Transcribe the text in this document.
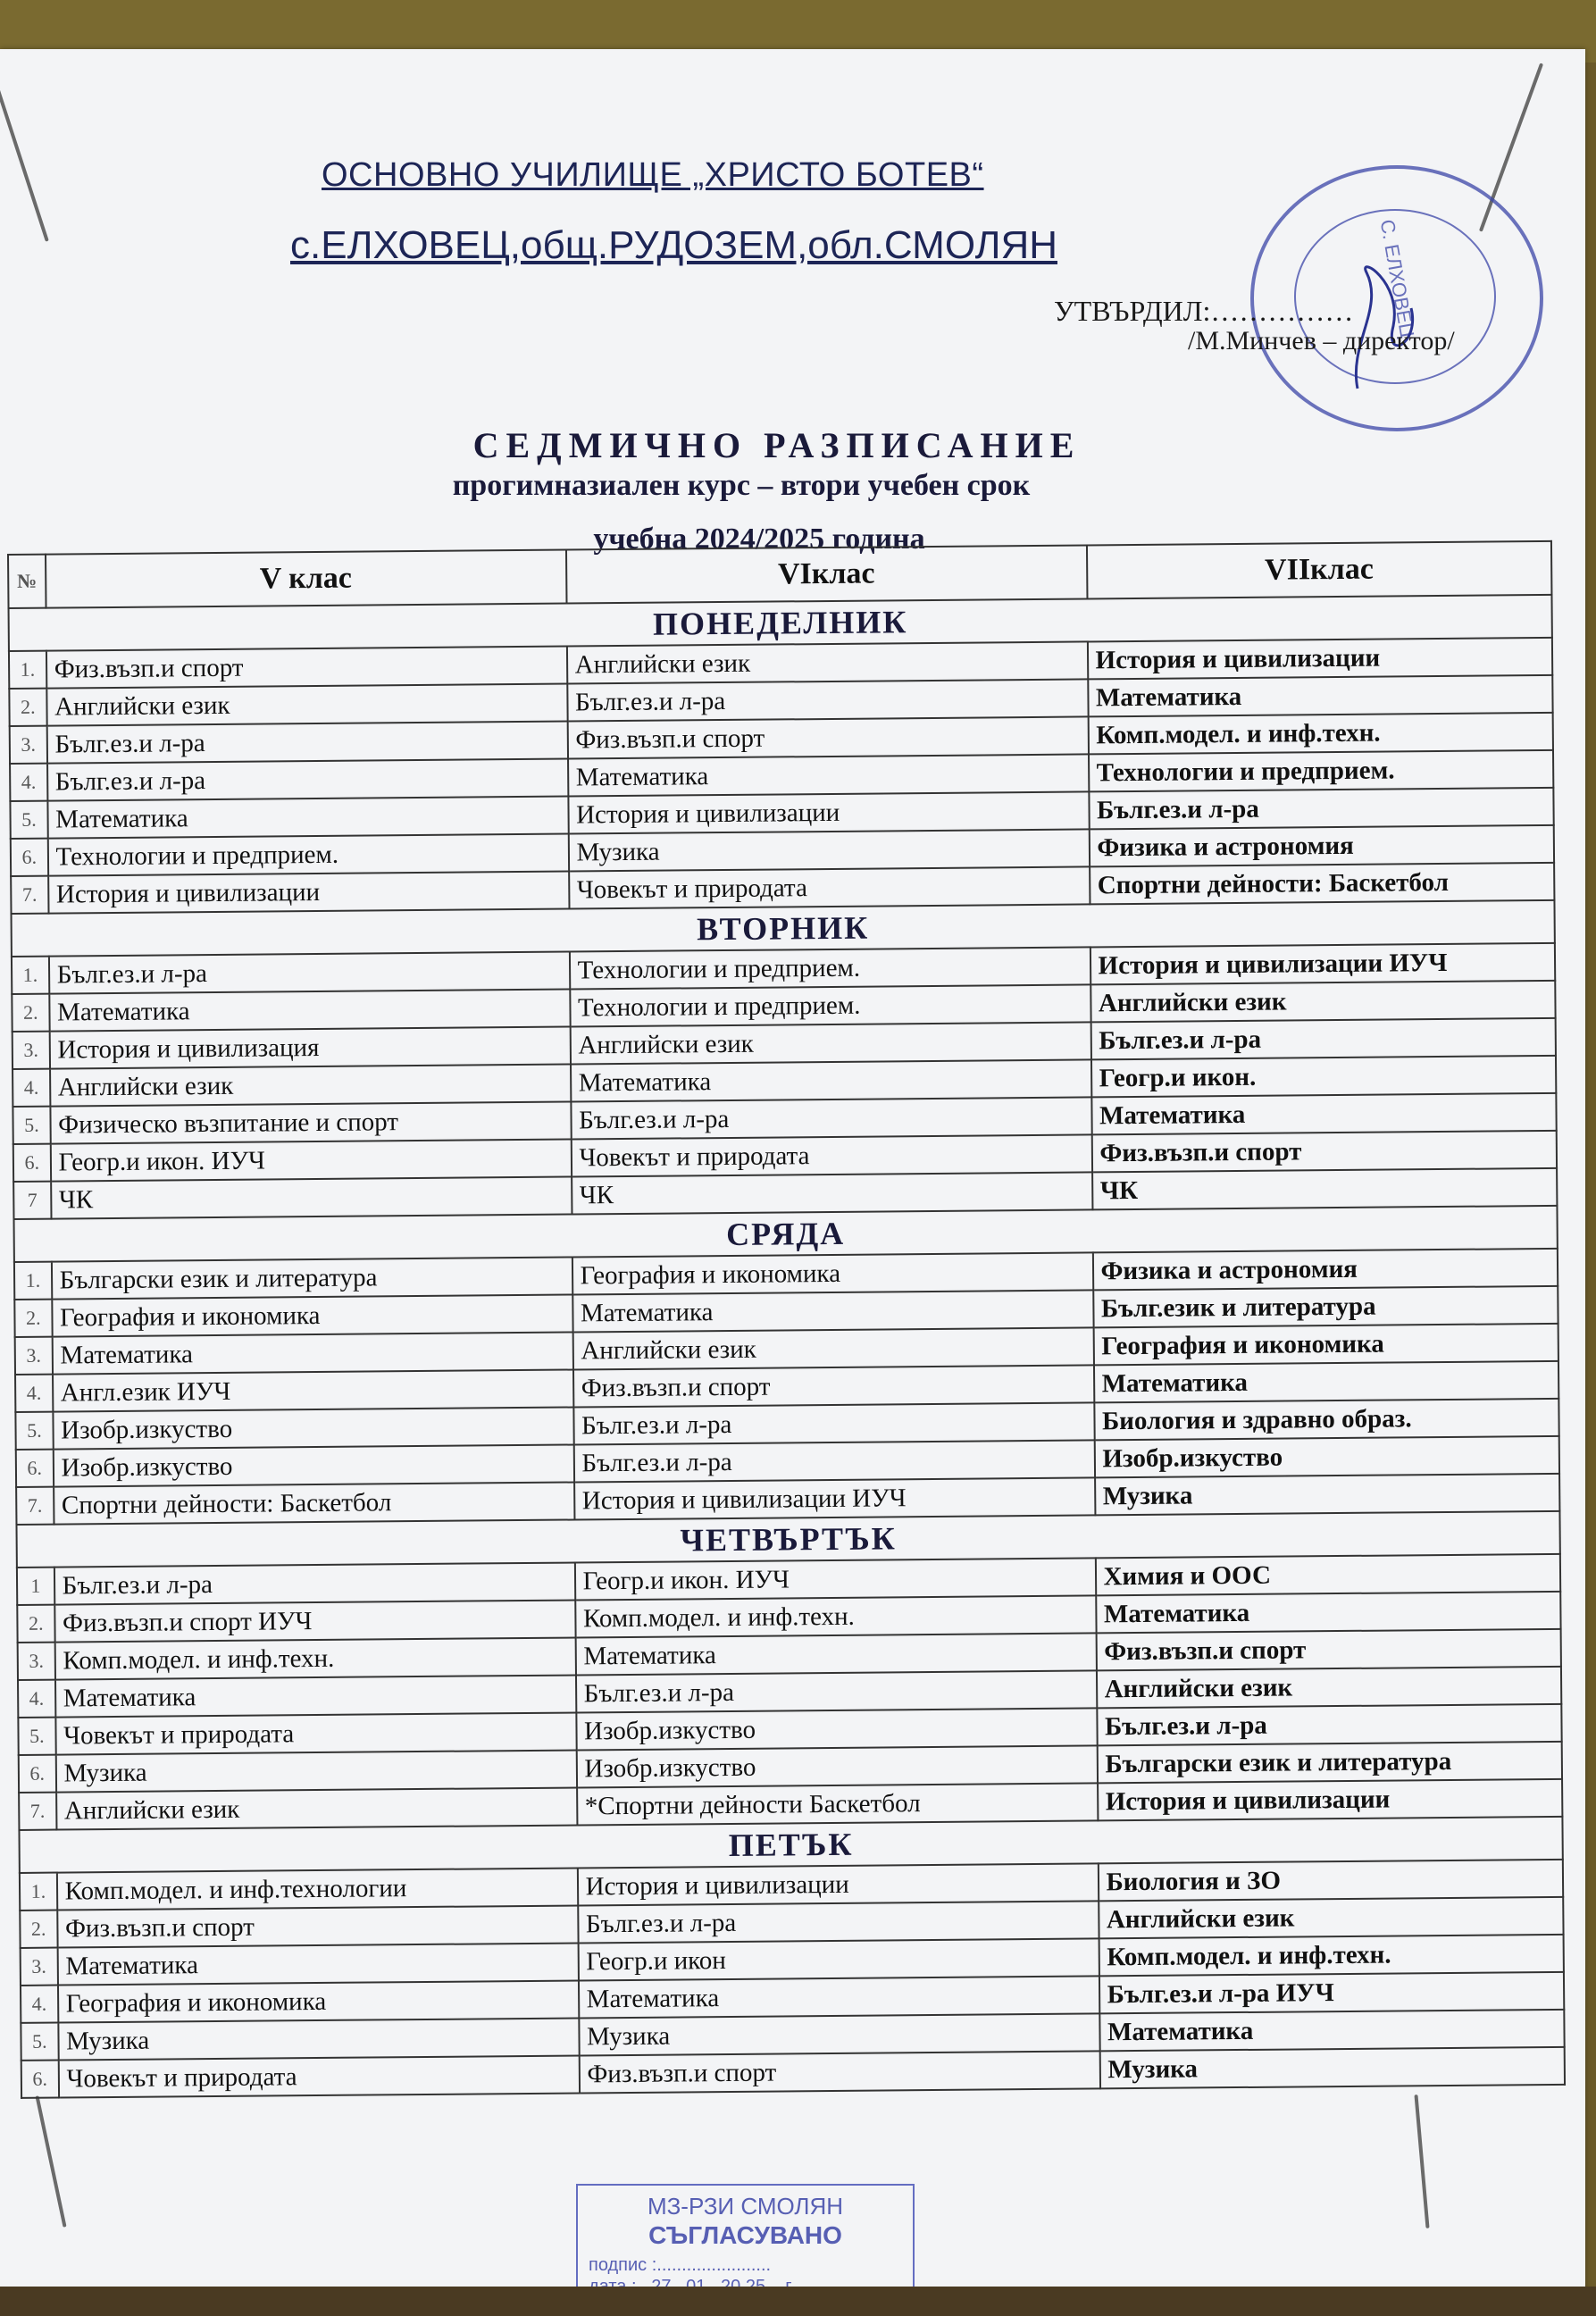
ОСНОВНО УЧИЛИЩЕ „ХРИСТО БОТЕВ“
с.ЕЛХОВЕЦ,общ.РУДОЗЕМ,обл.СМОЛЯН	С. ЕЛХОВЕЦ
УТВЪРДИЛ:……………
/М.Минчев – директор/
СЕДМИЧНО РАЗПИСАНИЕ
прогимназиален курс – втори учебен срок
учебна 2024/2025 година
№	V клас	VIклас	VIIклас
ПОНЕДЕЛНИК			
1.	Физ.възп.и спорт	Английски език	История и цивилизации
2.	Английски език	Бълг.ез.и л-ра	Математика
3.	Бълг.ез.и л-ра	Физ.възп.и спорт	Комп.модел. и инф.техн.
4.	Бълг.ез.и л-ра	Математика	Технологии и предприем.
5.	Математика	История и цивилизации	Бълг.ез.и л-ра
6.	Технологии и предприем.	Музика	Физика и астрономия
7.	История и цивилизации	Човекът и природата	Спортни дейности: Баскетбол
ВТОРНИК			
1.	Бълг.ез.и л-ра	Технологии и предприем.	История и цивилизации ИУЧ
2.	Математика	Технологии и предприем.	Английски език
3.	История и цивилизация	Английски език	Бълг.ез.и л-ра
4.	Английски език	Математика	Геогр.и икон.
5.	Физическо възпитание и спорт	Бълг.ез.и л-ра	Математика
6.	Геогр.и икон. ИУЧ	Човекът и природата	Физ.възп.и спорт
7	ЧК	ЧК	ЧК
СРЯДА			
1.	Български език и литература	География и икономика	Физика и астрономия
2.	География и икономика	Математика	Бълг.език и литература
3.	Математика	Английски език	География и икономика
4.	Англ.език ИУЧ	Физ.възп.и спорт	Математика
5.	Изобр.изкуство	Бълг.ез.и л-ра	Биология и здравно образ.
6.	Изобр.изкуство	Бълг.ез.и л-ра	Изобр.изкуство
7.	Спортни дейности: Баскетбол	История и цивилизации ИУЧ	Музика
ЧЕТВЪРТЪК			
1	Бълг.ез.и л-ра	Геогр.и икон. ИУЧ	Химия и ООС
2.	Физ.възп.и спорт ИУЧ	Комп.модел. и инф.техн.	Математика
3.	Комп.модел. и инф.техн.	Математика	Физ.възп.и спорт
4.	Математика	Бълг.ез.и л-ра	Английски език
5.	Човекът и природата	Изобр.изкуство	Бълг.ез.и л-ра
6.	Музика	Изобр.изкуство	Български език и литература
7.	Английски език	*Спортни дейности Баскетбол	История и цивилизации
ПЕТЪК			
1.	Комп.модел. и инф.технологии	История и цивилизации	Биология и ЗО
2.	Физ.възп.и спорт	Бълг.ез.и л-ра	Английски език
3.	Математика	Геогр.и икон	Комп.модел. и инф.техн.
4.	География и икономика	Математика	Бълг.ез.и л-ра ИУЧ
5.	Музика	Музика	Математика
6.	Човекът и природата	Физ.възп.и спорт	Музика
МЗ-РЗИ СМОЛЯН
СЪГЛАСУВАНО
подпис :.......................
